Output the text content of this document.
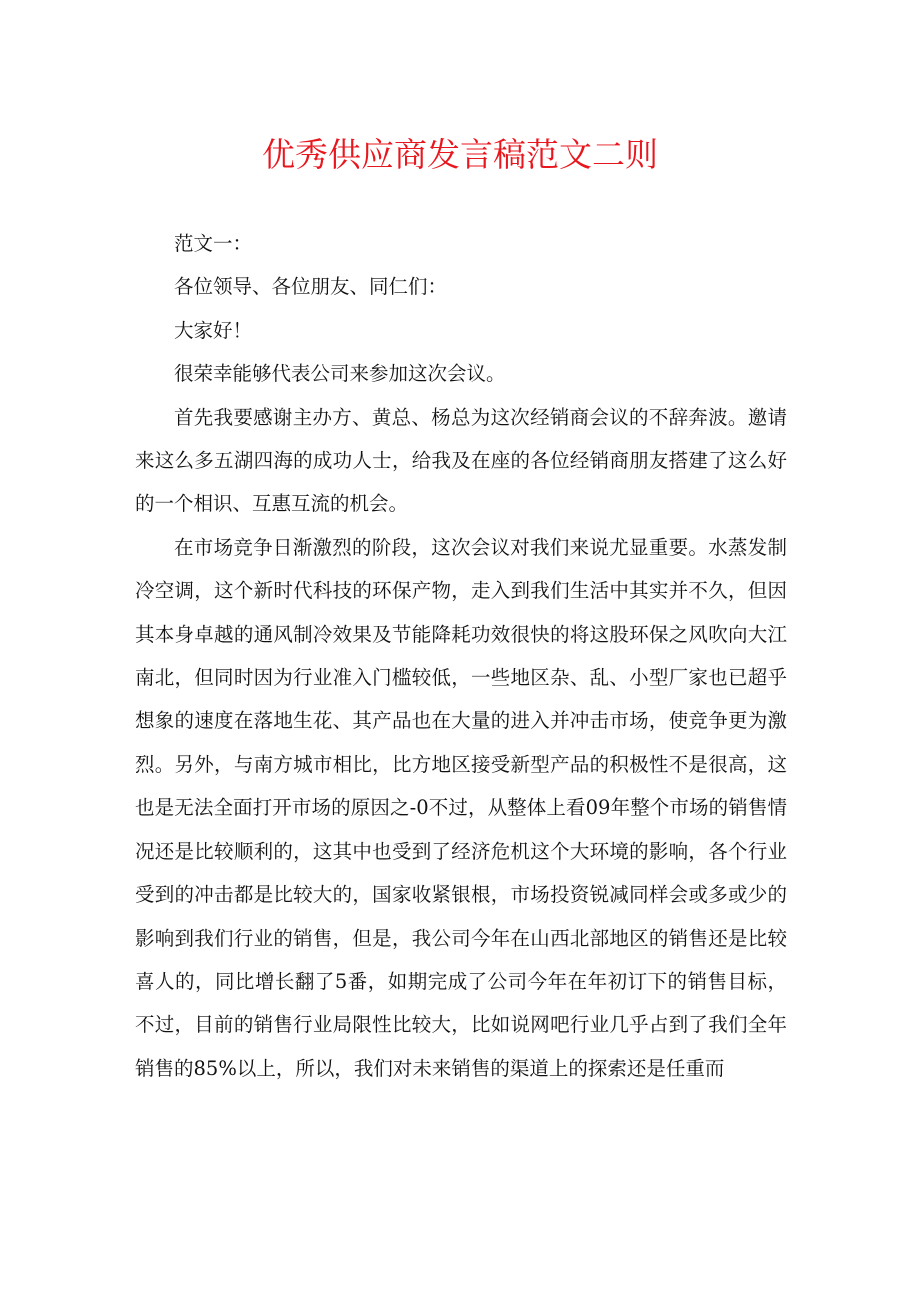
优秀供应商发言稿范文二则

范文一：

各位领导、各位朋友、同仁们：

大家好！

很荣幸能够代表公司来参加这次会议。

首先我要感谢主办方、黄总、杨总为这次经销商会议的不辞奔波。邀请来这么多五湖四海的成功人士，给我及在座的各位经销商朋友搭建了这么好的一个相识、互惠互流的机会。

在市场竞争日渐激烈的阶段，这次会议对我们来说尤显重要。水蒸发制冷空调，这个新时代科技的环保产物，走入到我们生活中其实并不久，但因其本身卓越的通风制冷效果及节能降耗功效很快的将这股环保之风吹向大江南北，但同时因为行业准入门槛较低，一些地区杂、乱、小型厂家也已超乎想象的速度在落地生花、其产品也在大量的进入并冲击市场，使竞争更为激烈。另外，与南方城市相比，比方地区接受新型产品的积极性不是很高，这也是无法全面打开市场的原因之-0不过，从整体上看09年整个市场的销售情况还是比较顺利的，这其中也受到了经济危机这个大环境的影响，各个行业受到的冲击都是比较大的，国家收紧银根，市场投资锐减同样会或多或少的影响到我们行业的销售，但是，我公司今年在山西北部地区的销售还是比较喜人的，同比增长翻了5番，如期完成了公司今年在年初订下的销售目标，不过，目前的销售行业局限性比较大，比如说网吧行业几乎占到了我们全年销售的85%以上，所以，我们对未来销售的渠道上的探索还是任重而
